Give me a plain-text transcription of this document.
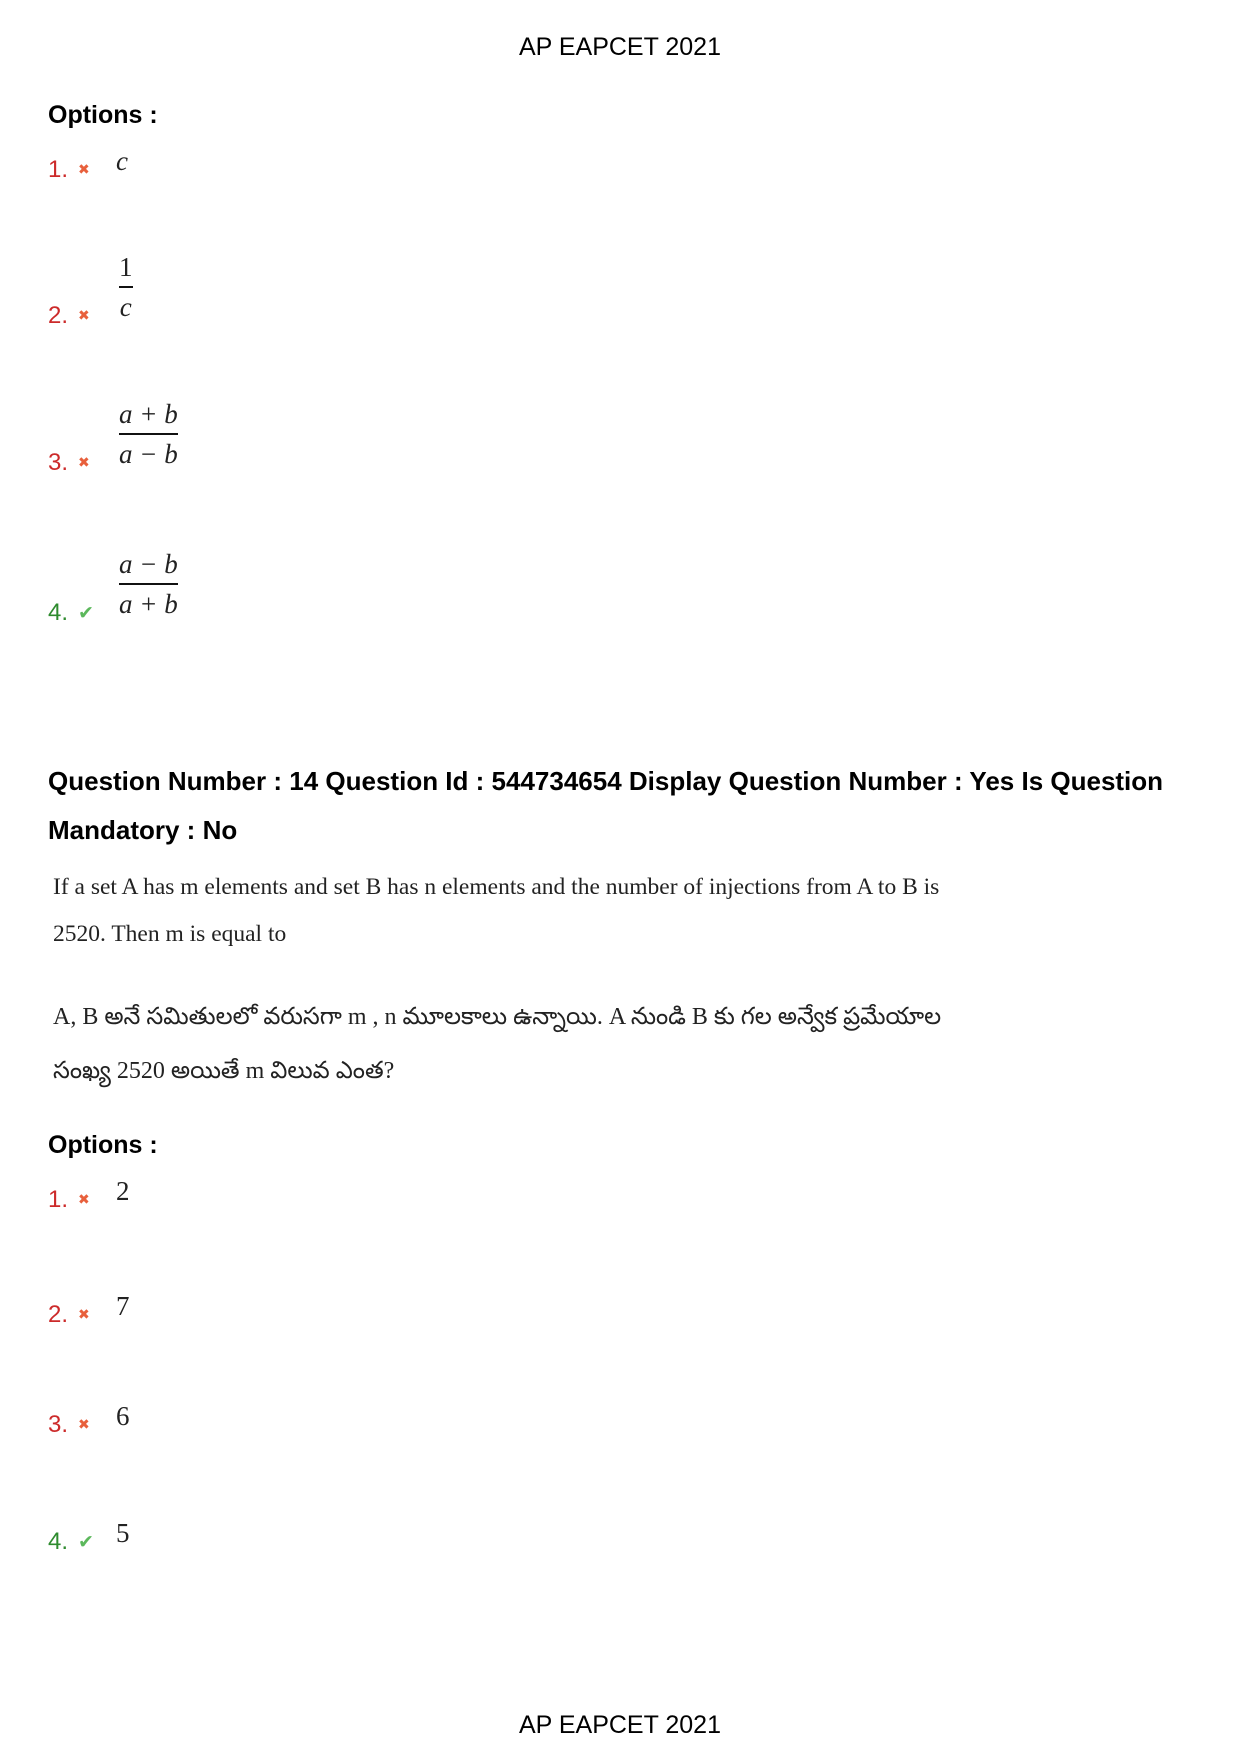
AP EAPCET 2021
Options :
1. ✖	c
2.
✖	$\frac{1}{c}$
3.
✖	$\frac{a + b}{a - b}$
4.
✔	$\frac{a - b}{a + b}$
Question Number : 14 Question Id : 544734654 Display Question Number : Yes Is Question Mandatory : No
If a set A has m elements and set B has n elements and the number of injections from A to B is
2520. Then m is equal to
A, B అనే సమితులలో వరుసగా m , n మూలకాలు ఉన్నాయి. A నుండి B కు గల అన్వేక ప్రమేయాల
సంఖ్య 2520 అయితే m విలువ ఎంత?
Options :
1. ✖	2
2. ✖	7
3. ✖	6
4. ✔	5
AP EAPCET 2021
